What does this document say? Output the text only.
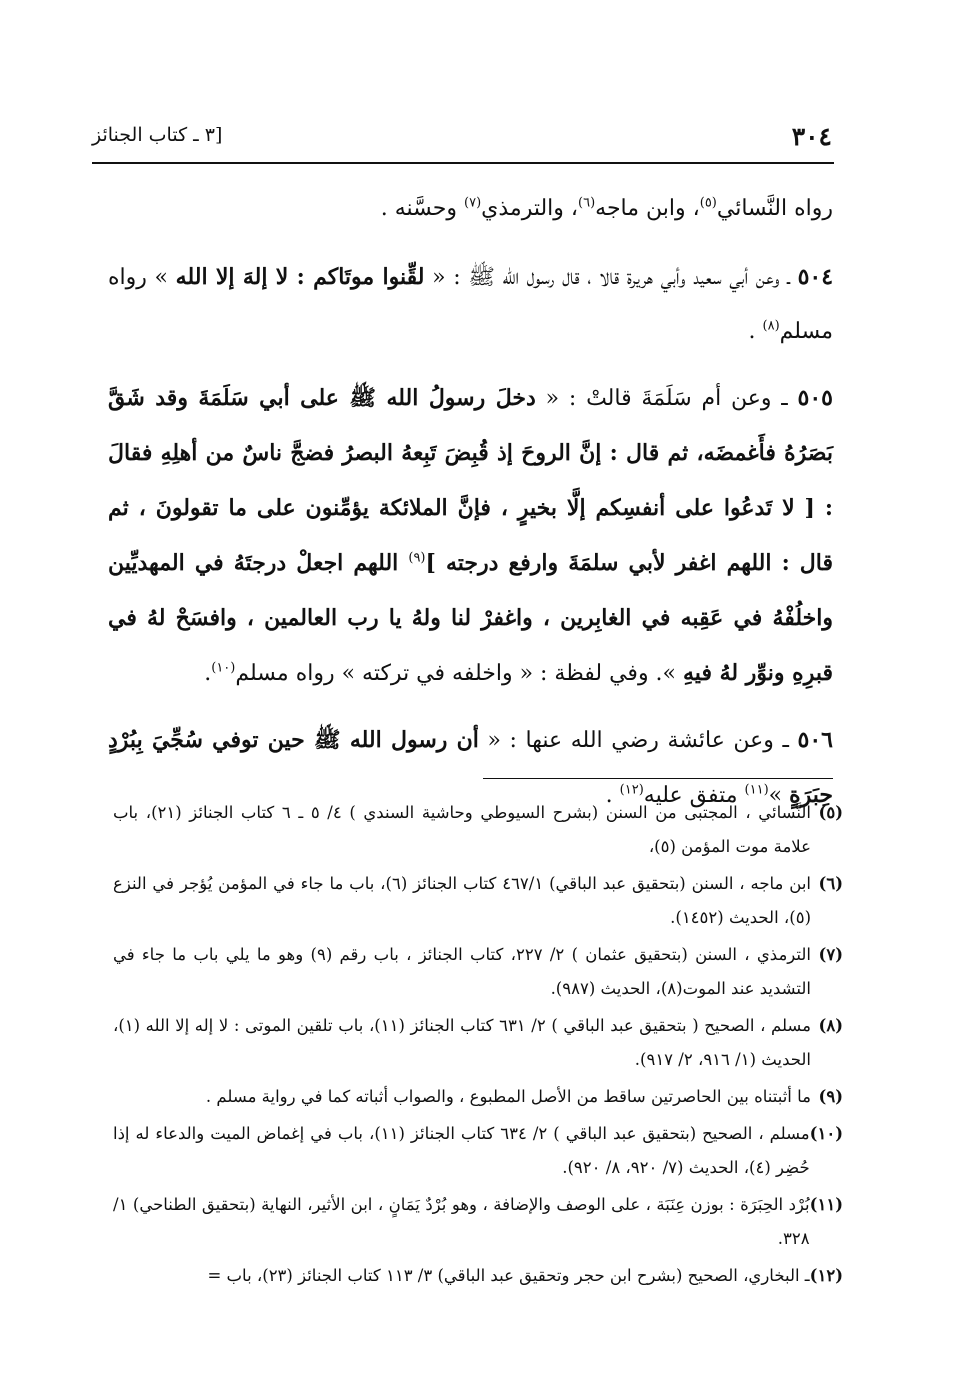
٣٠٤
[٣ ـ كتاب الجنائز

رواه النَّسائي$^{(٥)}$، وابن ماجه$^{(٦)}$، والترمذي$^{(٧)}$ وحسَّنه .

٥٠٤ ـ وعن أبي سعيد وأبي هريرة قالا ، قال رسول الله ﷺ : « لقِّنوا موتَاكم : لا إلهَ إلا الله » رواه مسلم$^{(٨)}$ .

٥٠٥ ـ وعن أم سَلَمَةَ قالتْ : « دخلَ رسولُ الله ﷺ على أبي سَلَمَةَ وقد شَقَّ بَصَرُهُ فأَغمضَه، ثم قال : إنَّ الروحَ إذ قُبِضَ تَبِعهُ البصرُ فضجَّ ناسٌ من أهلِهِ فقالَ : [ لا تَدعُوا على أنفسِكم إلَّا بخيرٍ ، فإنَّ الملائكة يؤمِّنون على ما تقولونَ ، ثم قال : اللهم اغفر لأبي سلمَةَ وارفع درجته ]$^{(٩)}$ اللهم اجعلْ درجتَهُ في المهديِّين واخلُفْهُ في عَقِبه في الغابِرين ، واغفرْ لنا ولهُ يا رب العالمين ، وافسَحْ لهُ في قبرِهِ ونوِّر لهُ فيهِ ». وفي لفظة : « واخلفه في تركته » رواه مسلم$^{(١٠)}$.

٥٠٦ ـ وعن عائشة رضي الله عنها : « أن رسول الله ﷺ حين توفي سُجِّيَ بِبُرْدٍ حِبَرَةٍ »$^{(١١)}$ متفق عليه$^{(١٢)}$ .

(٥)
النَّسائي ، المجتبى من السنن (بشرح السيوطي وحاشية السندي ) ٤/ ٥ ـ ٦ كتاب الجنائز (٢١)، باب علامة موت المؤمن (٥)،
(٦)
ابن ماجه ، السنن (بتحقيق عبد الباقي) ٤٦٧/١ كتاب الجنائز (٦)، باب ما جاء في المؤمن يُؤجر في النزع (٥)، الحديث (١٤٥٢).
(٧)
الترمذي ، السنن (بتحقيق عثمان ) ٢/ ٢٢٧، كتاب الجنائز ، باب رقم (٩) وهو ما يلي باب ما جاء في التشديد عند الموت(٨)، الحديث (٩٨٧).
(٨)
مسلم ، الصحيح ( بتحقيق عبد الباقي ) ٢/ ٦٣١ كتاب الجنائز (١١)، باب تلقين الموتى : لا إله إلا الله (١)، الحديث (١/ ٩١٦، ٢/ ٩١٧).
(٩)
ما أثبتناه بين الحاصرتين ساقط من الأصل المطبوع ، والصواب أثباته كما في رواية مسلم .
(١٠)
مسلم ، الصحيح (بتحقيق عبد الباقي ) ٢/ ٦٣٤ كتاب الجنائز (١١)، باب في إغماض الميت والدعاء له إذا حُضِر (٤)، الحديث (٧/ ٩٢٠، ٨/ ٩٢٠).
(١١)
بُرْد الحِبَرَة : بوزن عِنَبَة ، على الوصف والإضافة ، وهو بُرْدٌ يَمَانٍ ، ابن الأثير، النهاية (بتحقيق الطناحي) ١/ ٣٢٨.
(١٢)
ـ البخاري، الصحيح (بشرح ابن حجر وتحقيق عبد الباقي) ٣/ ١١٣ كتاب الجنائز (٢٣)، باب =
